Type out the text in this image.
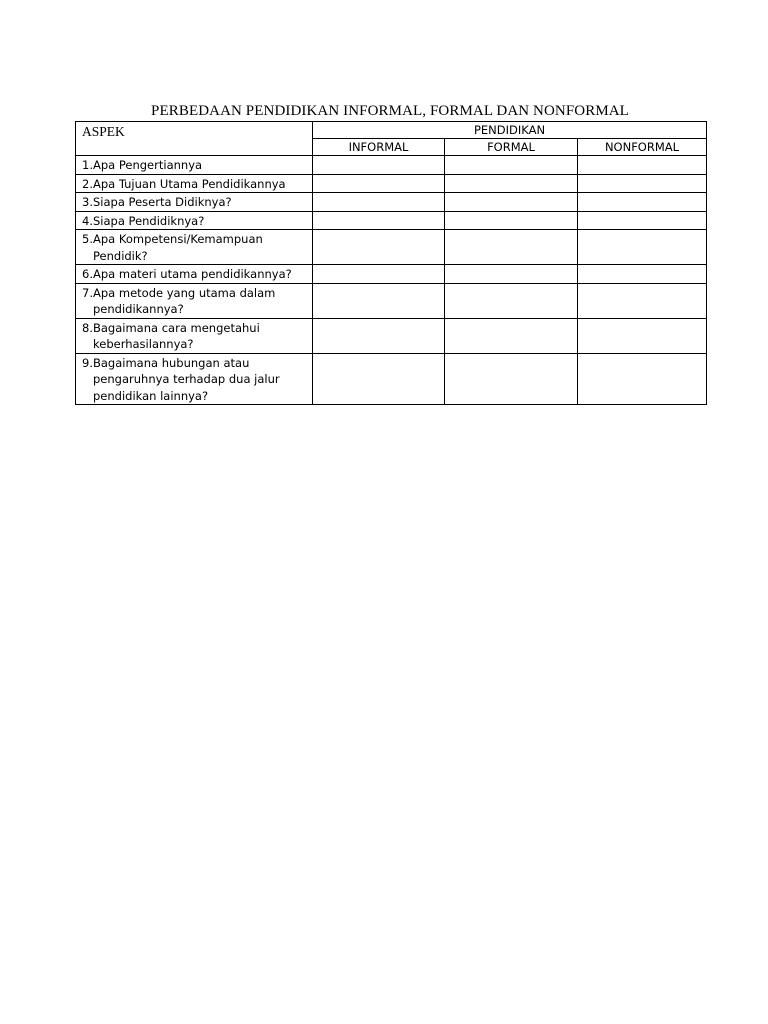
PERBEDAAN PENDIDIKAN INFORMAL, FORMAL DAN NONFORMAL
ASPEK	PENDIDIKAN		
	INFORMAL	FORMAL	NONFORMAL

1. Apa Pengertiannya			

2. Apa Tujuan Utama Pendidikannya			

3. Siapa Peserta Didiknya?			

4. Siapa Pendidiknya?			

5. Apa Kompetensi/Kemampuan Pendidik?			

6. Apa materi utama pendidikannya?			

7. Apa metode yang utama dalam pendidikannya?			

8. Bagaimana cara mengetahui keberhasilannya?			

9. Bagaimana hubungan atau pengaruhnya terhadap dua jalur pendidikan lainnya?			
